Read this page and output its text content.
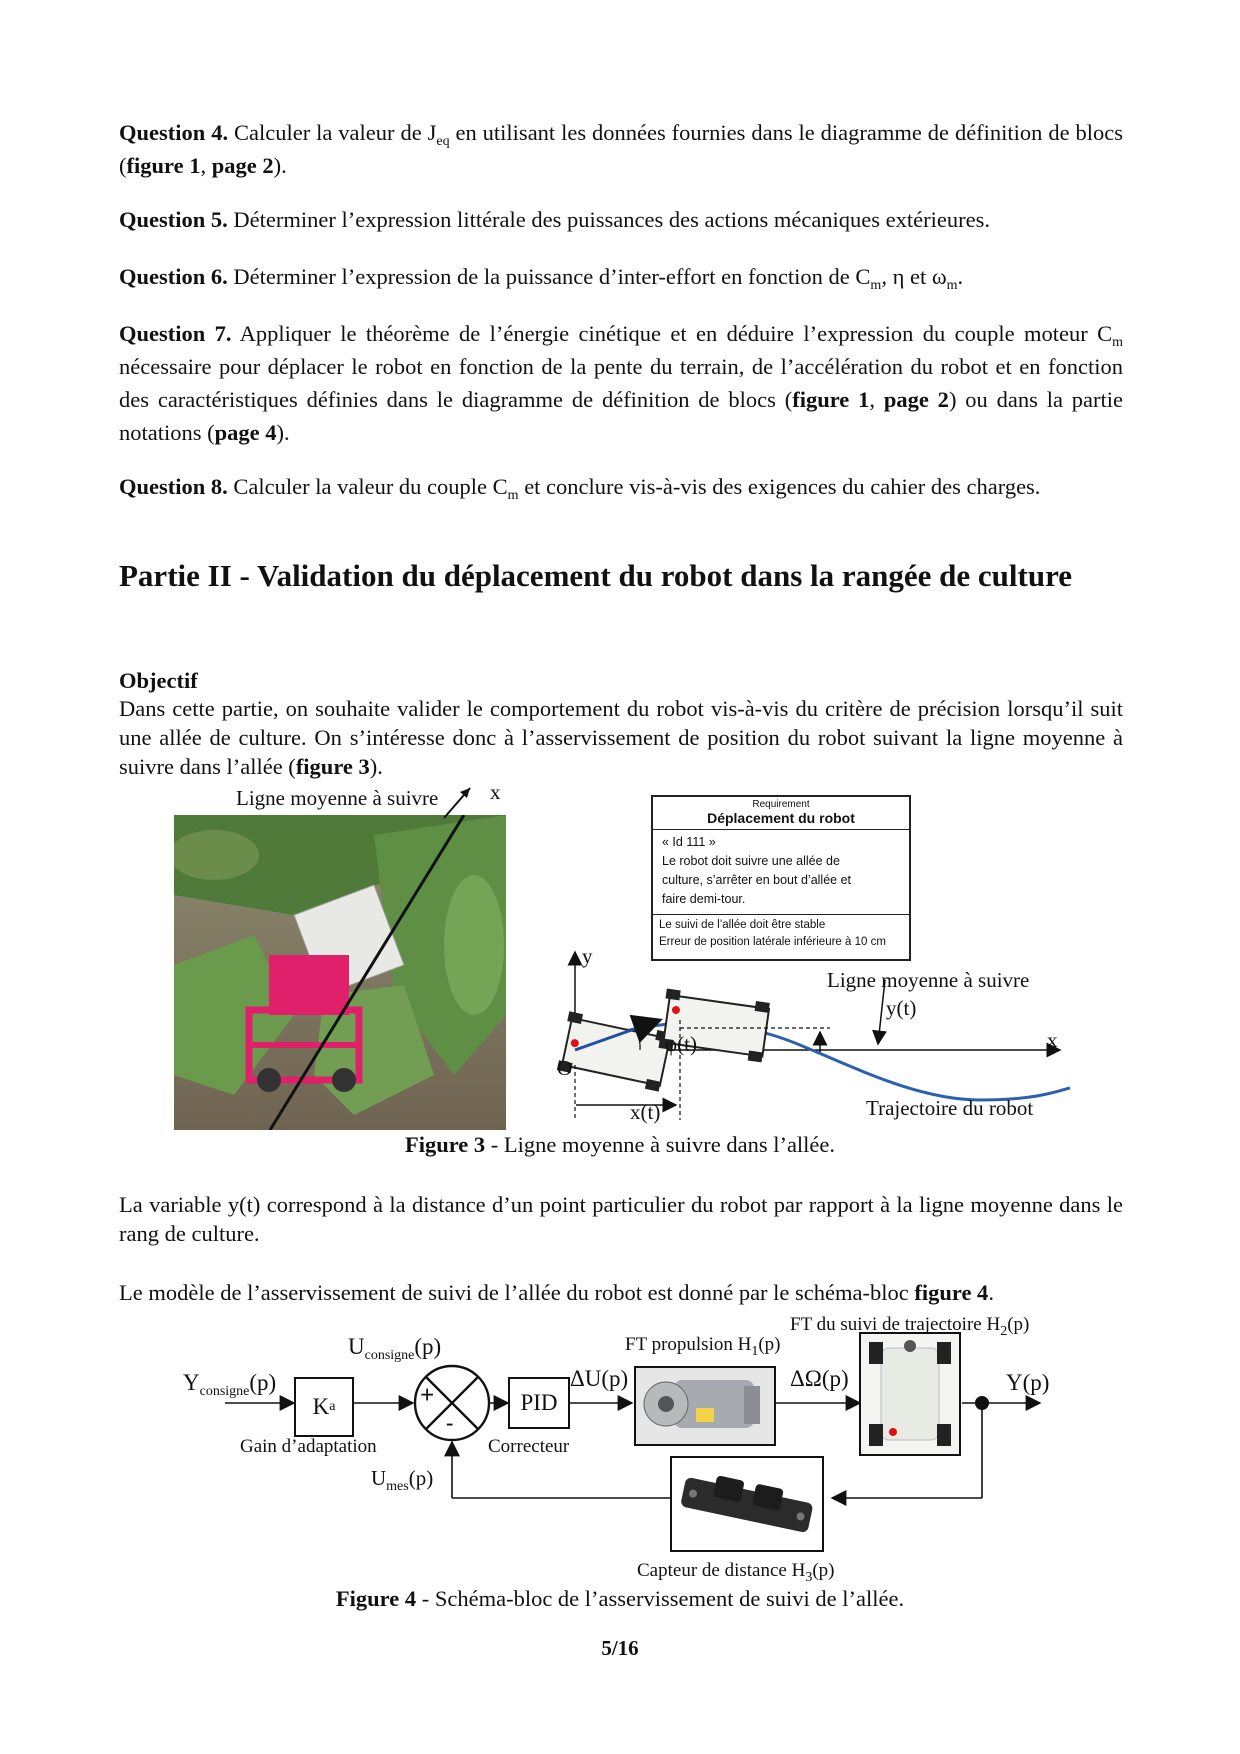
Question 4. Calculer la valeur de $J_{eq}$ en utilisant les données fournies dans le diagramme de définition de blocs (figure 1, page 2).
Question 5. Déterminer l’expression littérale des puissances des actions mécaniques extérieures.
Question 6. Déterminer l’expression de la puissance d’inter-effort en fonction de $C_m$, η et $\omega_m$.
Question 7. Appliquer le théorème de l’énergie cinétique et en déduire l’expression du couple moteur $C_m$ nécessaire pour déplacer le robot en fonction de la pente du terrain, de l’accélération du robot et en fonction des caractéristiques définies dans le diagramme de définition de blocs (figure 1, page 2) ou dans la partie notations (page 4).
Question 8. Calculer la valeur du couple $C_m$ et conclure vis-à-vis des exigences du cahier des charges.
Partie II - Validation du déplacement du robot dans la rangée de culture
Objectif
Dans cette partie, on souhaite valider le comportement du robot vis-à-vis du critère de précision lorsqu’il suit une allée de culture. On s’intéresse donc à l’asservissement de position du robot suivant la ligne moyenne à suivre dans l’allée (figure 3).
Ligne moyenne à suivre x
Requirement
Déplacement du robot
« Id 111 »
Le robot doit suivre une allée de
culture, s’arrêter en bout d’allée et
faire demi-tour.
Le suivi de l’allée doit être stable
Erreur de position latérale inférieure à 10 cm
y
x
O
φ(t)
y(t)
x(t)
Ligne moyenne à suivre
Trajectoire du robot
Figure 3 - Ligne moyenne à suivre dans l’allée.
La variable y(t) correspond à la distance d’un point particulier du robot par rapport à la ligne moyenne dans le rang de culture.
Le modèle de l’asservissement de suivi de l’allée du robot est donné par le schéma-bloc figure 4.
+
-
K a	PID
$Y_{consigne}(p)$
Gain d’adaptation
$U_{consigne}(p)$
Correcteur
ΔU(p)
FT propulsion $H_1(p)$
ΔΩ(p)
FT du suivi de trajectoire $H_2(p)$
Y(p)
$U_{mes}(p)$
Capteur de distance $H_3(p)$
Figure 4 - Schéma-bloc de l’asservissement de suivi de l’allée.
5/16
